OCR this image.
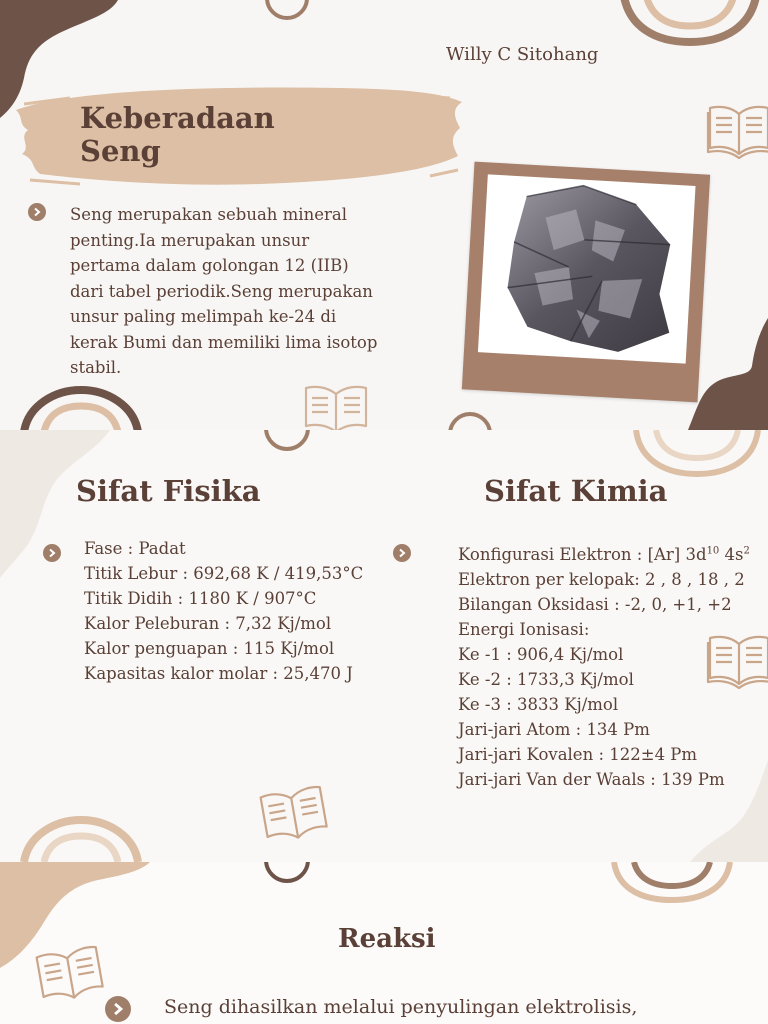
Keberadaan
Seng
Willy C Sitohang
Seng merupakan sebuah mineral
penting.Ia merupakan unsur
pertama dalam golongan 12 (IIB)
dari tabel periodik.Seng merupakan
unsur paling melimpah ke-24 di
kerak Bumi dan memiliki lima isotop
stabil.
Sifat Fisika	Sifat Kimia
Fase : Padat
Titik Lebur : 692,68 K / 419,53°C
Titik Didih : 1180 K / 907°C
Kalor Peleburan : 7,32 Kj/mol
Kalor penguapan : 115 Kj/mol
Kapasitas kalor molar : 25,470 J
Konfigurasi Elektron : [Ar] $3d^{10}$ $4s^2$
Elektron per kelopak: 2 , 8 , 18 , 2
Bilangan Oksidasi : -2, 0, +1, +2
Energi Ionisasi:
Ke -1 : 906,4 Kj/mol
Ke -2 : 1733,3 Kj/mol
Ke -3 : 3833 Kj/mol
Jari-jari Atom : 134 Pm
Jari-jari Kovalen : 122±4 Pm
Jari-jari Van der Waals : 139 Pm
Reaksi
Seng dihasilkan melalui penyulingan elektrolisis,
